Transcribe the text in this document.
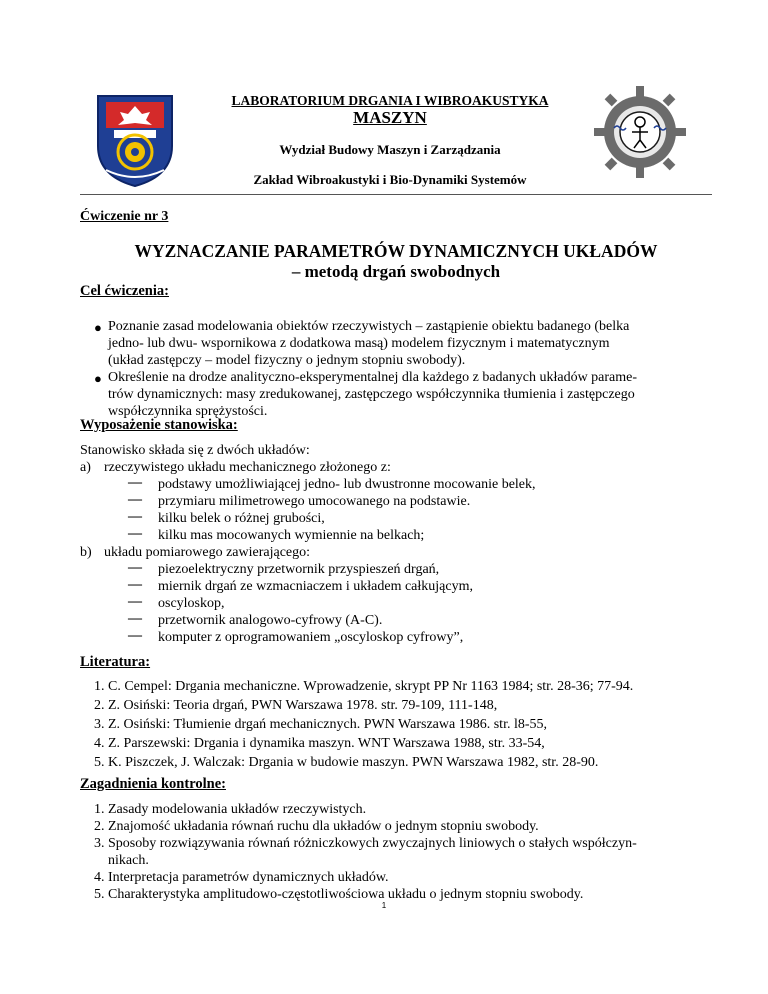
LABORATORIUM DRGANIA I WIBROAKUSTYKA
MASZYN
Wydział Budowy Maszyn i Zarządzania
Zakład Wibroakustyki i Bio-Dynamiki Systemów
Ćwiczenie nr 3
WYZNACZANIE PARAMETRÓW DYNAMICZNYCH UKŁADÓW
– metodą drgań swobodnych
Cel ćwiczenia:
● Poznanie zasad modelowania obiektów rzeczywistych – zastąpienie obiektu badanego (belka
jedno- lub dwu- wspornikowa z dodatkowa masą) modelem fizycznym i matematycznym
(układ zastępczy – model fizyczny o jednym stopniu swobody).
● Określenie na drodze analityczno-eksperymentalnej dla każdego z badanych układów parame-
trów dynamicznych: masy zredukowanej, zastępczego współczynnika tłumienia i zastępczego
współczynnika sprężystości.
Wyposażenie stanowiska:
Stanowisko składa się z dwóch układów:
a) rzeczywistego układu mechanicznego złożonego z:
— podstawy umożliwiającej jedno- lub dwustronne mocowanie belek,
— przymiaru milimetrowego umocowanego na podstawie.
— kilku belek o różnej grubości,
— kilku mas mocowanych wymiennie na belkach;
b) układu pomiarowego zawierającego:
— piezoelektryczny przetwornik przyspieszeń drgań,
— miernik drgań ze wzmacniaczem i układem całkującym,
— oscyloskop,
— przetwornik analogowo-cyfrowy (A-C).
— komputer z oprogramowaniem „oscyloskop cyfrowy”,
Literatura:
1. C. Cempel: Drgania mechaniczne. Wprowadzenie, skrypt PP Nr 1163 1984; str. 28-36; 77-94.
2. Z. Osiński: Teoria drgań, PWN Warszawa 1978. str. 79-109, 111-148,
3. Z. Osiński: Tłumienie drgań mechanicznych. PWN Warszawa 1986. str. l8-55,
4. Z. Parszewski: Drgania i dynamika maszyn. WNT Warszawa 1988, str. 33-54,
5. K. Piszczek, J. Walczak: Drgania w budowie maszyn. PWN Warszawa 1982, str. 28-90.
Zagadnienia kontrolne:
1. Zasady modelowania układów rzeczywistych.
2. Znajomość układania równań ruchu dla układów o jednym stopniu swobody.
3. Sposoby rozwiązywania równań różniczkowych zwyczajnych liniowych o stałych współczyn-
nikach.
4. Interpretacja parametrów dynamicznych układów.
5. Charakterystyka amplitudowo-częstotliwościowa układu o jednym stopniu swobody.
1
